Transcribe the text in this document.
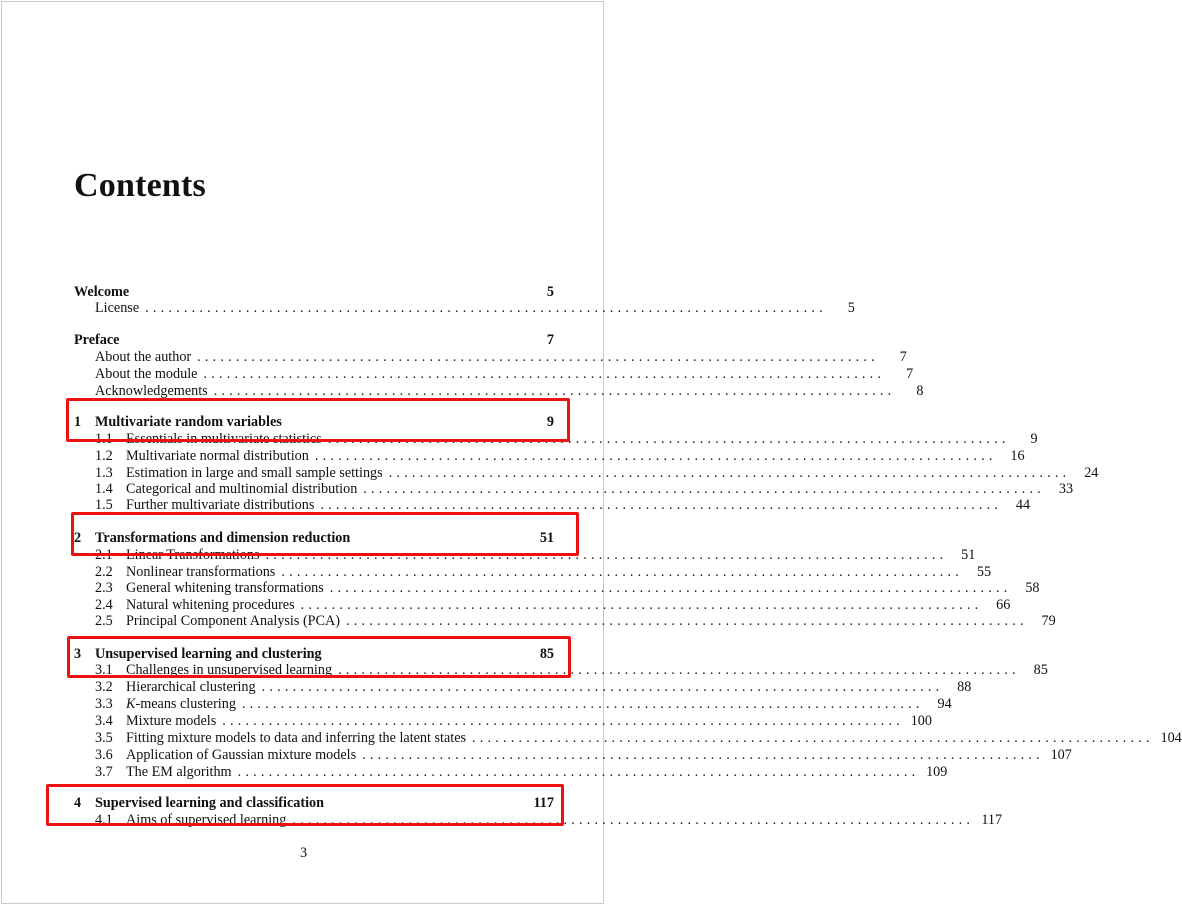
Contents
Welcome	5
License ........................................................................................	5
Preface	7
About the author ........................................................................................	7
About the module ........................................................................................	7
Acknowledgements ........................................................................................	8
1 Multivariate random variables	9
1.1 Essentials in multivariate statistics ........................................................................................	9
1.2 Multivariate normal distribution ........................................................................................ 16
1.3 Estimation in large and small sample settings ........................................................................................ 24
1.4 Categorical and multinomial distribution ........................................................................................ 33
1.5 Further multivariate distributions ........................................................................................ 44
2 Transformations and dimension reduction	51
2.1 Linear Transformations ........................................................................................ 51
2.2 Nonlinear transformations ........................................................................................ 55
2.3 General whitening transformations ........................................................................................ 58
2.4 Natural whitening procedures ........................................................................................ 66
2.5 Principal Component Analysis (PCA) ........................................................................................ 79
3 Unsupervised learning and clustering	85
3.1 Challenges in unsupervised learning ........................................................................................ 85
3.2 Hierarchical clustering ........................................................................................ 88
3.3 K-means clustering ........................................................................................ 94
3.4 Mixture models ........................................................................................ 100
3.5 Fitting mixture models to data and inferring the latent states ........................................................................................ 104
3.6 Application of Gaussian mixture models ........................................................................................ 107
3.7 The EM algorithm ........................................................................................ 109
4 Supervised learning and classification	117
4.1 Aims of supervised learning ........................................................................................ 117
3
